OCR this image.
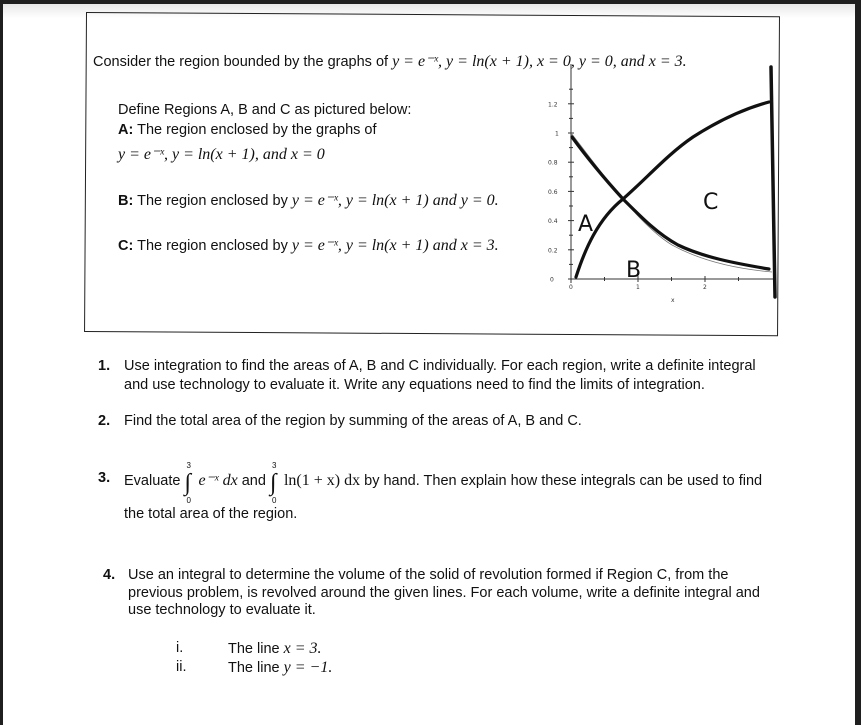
Consider the region bounded by the graphs of y = e⁻ˣ, y = ln(x + 1), x = 0, y = 0, and x = 3.
Define Regions A, B and C as pictured below:
A: The region enclosed by the graphs of
y = e⁻ˣ, y = ln(x + 1), and x = 0
B: The region enclosed by y = e⁻ˣ, y = ln(x + 1) and y = 0.
C: The region enclosed by y = e⁻ˣ, y = ln(x + 1) and x = 3.
0
0.2
0.4
0.6
0.8
1
1.2
0	1	2
x
A
B
C
1. Use integration to find the areas of A, B and C individually. For each region, write a definite integral
and use technology to evaluate it. Write any equations need to find the limits of integration.
2. Find the total area of the region by summing of the areas of A, B and C.
3. Evaluate ∫
3
0
e⁻ˣ dx and ∫
3
0
ln(1 + x) dx by hand. Then explain how these integrals can be used to find
the total area of the region.
4. Use an integral to determine the volume of the solid of revolution formed if Region C, from the
previous problem, is revolved around the given lines. For each volume, write a definite integral and
use technology to evaluate it.
i.	The line x = 3.
ii.	The line y = −1.
